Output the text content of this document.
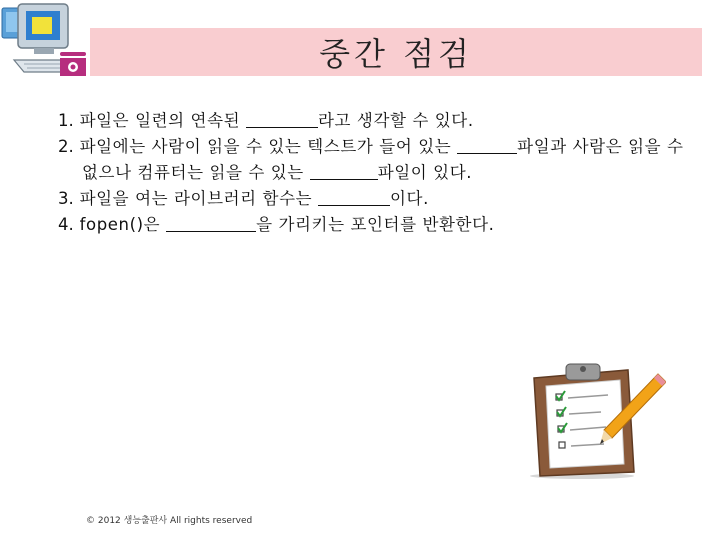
중간 점검

1. 파일은 일련의 연속된	라고 생각할 수 있다.

2. 파일에는 사람이 읽을 수 있는 텍스트가 들어 있는	파일과 사람은 읽을 수 없으나 컴퓨터는 읽을 수 있는	파일이 있다.

3. 파일을 여는 라이브러리 함수는	이다.

4. fopen()은	을 가리키는 포인터를 반환한다.

© 2012 생능출판사 All rights reserved
